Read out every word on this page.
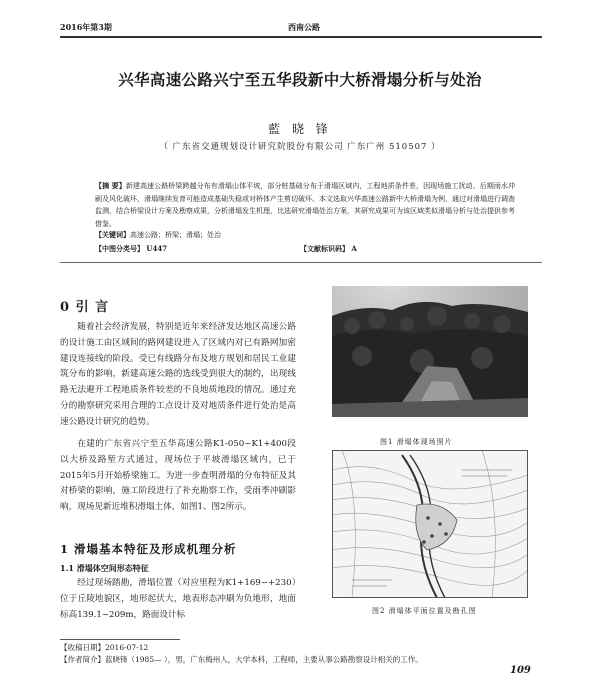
2016年第3期	西南公路
兴华高速公路兴宁至五华段新中大桥滑塌分析与处治
藍 晓 锋
（ 广东省交通规划设计研究院股份有限公司 广东广州 510507 ）
【摘 要】新建高速公路桥梁跨越分布有滑塌山体平坡，部分桩基础分布于滑塌区域内，工程地质条件差，因现场施工扰动、后期雨水冲刷及风化破坏，滑塌继续发育可能造成基础失稳或对桥体产生剪切破坏。本文选取兴华高速公路新中大桥滑塌为例，通过对滑塌进行调查监测，结合桥梁设计方案及勘察成果，分析滑塌发生机理，比选研究滑塌处治方案，其研究成果可为该区域类似滑塌分析与处治提供参考借鉴。
【关键词】高速公路；桥梁；滑塌；处治
【中图分类号】 U447	【文献标识码】 A
0 引 言
随着社会经济发展，特别是近年来经济发达地区高速公路的设计施工由区域间的路网建设进入了区域内对已有路网加密建设连接线的阶段。受已有线路分布及地方规划和居民工业建筑分布的影响，新建高速公路的选线受到很大的制约，出现线路无法避开工程地质条件较差的不良地质地段的情况。通过充分的勘察研究采用合理的工点设计及对地质条件进行处治是高速公路设计研究的趋势。
在建的广东省兴宁至五华高速公路K1-050~K1+400段以大桥及路堑方式通过，现场位于平坡滑塌区域内，已于2015年5月开始桥梁施工。为进一步查明滑塌的分布特征及其对桥梁的影响，施工阶段进行了补充勘察工作，受雨季冲刷影响，现场见新近堆积滑塌土体，如图1、图2所示。
1 滑塌基本特征及形成机理分析
1.1 滑塌体空间形态特征
经过现场踏勘，滑塌位置（对应里程为K1+169~+230）位于丘陵地貌区，地形起伏大，地表形态冲刷为负地形，地面标高139.1~209m，路面设计标
图1 滑塌体现场照片
图2 滑塌体平面位置及勘孔图
【收稿日期】2016-07-12
【作者简介】蓝晓锋（1985— ），男，广东梅州人，大学本科，工程师，主要从事公路勘察设计相关的工作。
109
